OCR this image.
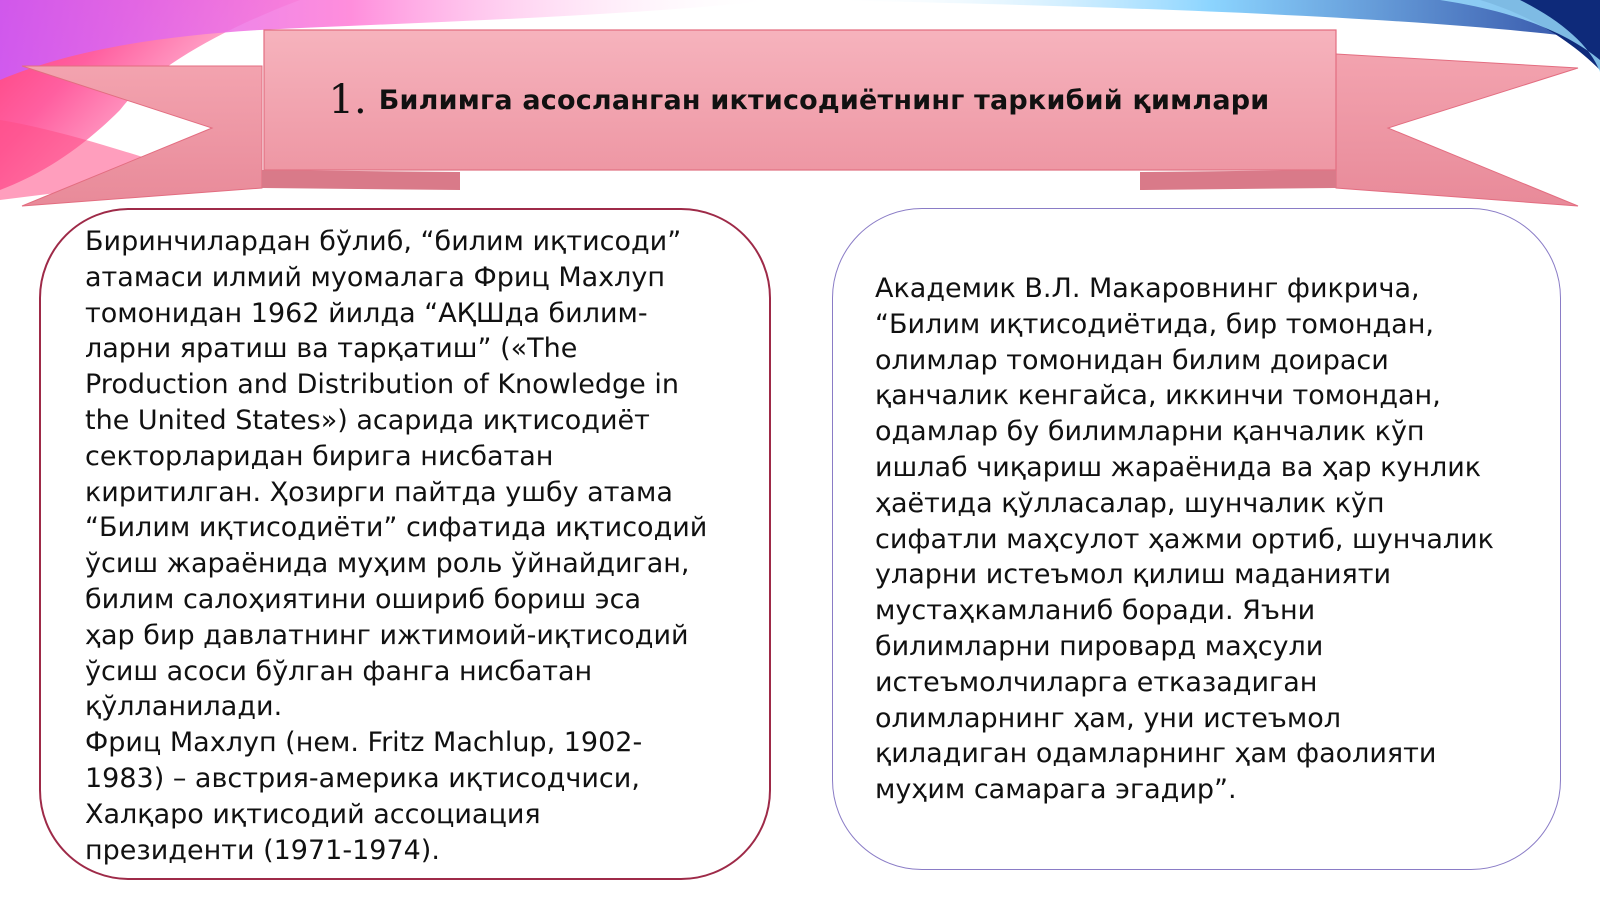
1. Билимга асосланган иктисодиётнинг таркибий қимлари

Биринчилардан бўлиб, “билим иқтисоди”
атамаси илмий муомалага Фриц Махлуп
томонидан 1962 йилда “АҚШда билим-
ларни яратиш ва тарқатиш” («The
Production and Distribution of Knowledge in
the United States») асарида иқтисодиёт
секторларидан бирига нисбатан
киритилган. Ҳозирги пайтда ушбу атама
“Билим иқтисодиёти” сифатида иқтисодий
ўсиш жараёнида муҳим роль ўйнайдиган,
билим салоҳиятини ошириб бориш эса
ҳар бир давлатнинг ижтимоий-иқтисодий
ўсиш асоси бўлган фанга нисбатан
қўлланилади.
Фриц Махлуп (нем. Fritz Machlup, 1902-
1983) – австрия-америка иқтисодчиси,
Халқаро иқтисодий ассоциация
президенти (1971-1974).

Академик В.Л. Макаровнинг фикрича,
“Билим иқтисодиётида, бир томондан,
олимлар томонидан билим доираси
қанчалик кенгайса, иккинчи томондан,
одамлар бу билимларни қанчалик кўп
ишлаб чиқариш жараёнида ва ҳар кунлик
ҳаётида қўлласалар, шунчалик кўп
сифатли маҳсулот ҳажми ортиб, шунчалик
уларни истеъмол қилиш маданияти
мустаҳкамланиб боради. Яъни
билимларни пировард маҳсули
истеъмолчиларга етказадиган
олимларнинг ҳам, уни истеъмол
қиладиган одамларнинг ҳам фаолияти
муҳим самарага эгадир”.
